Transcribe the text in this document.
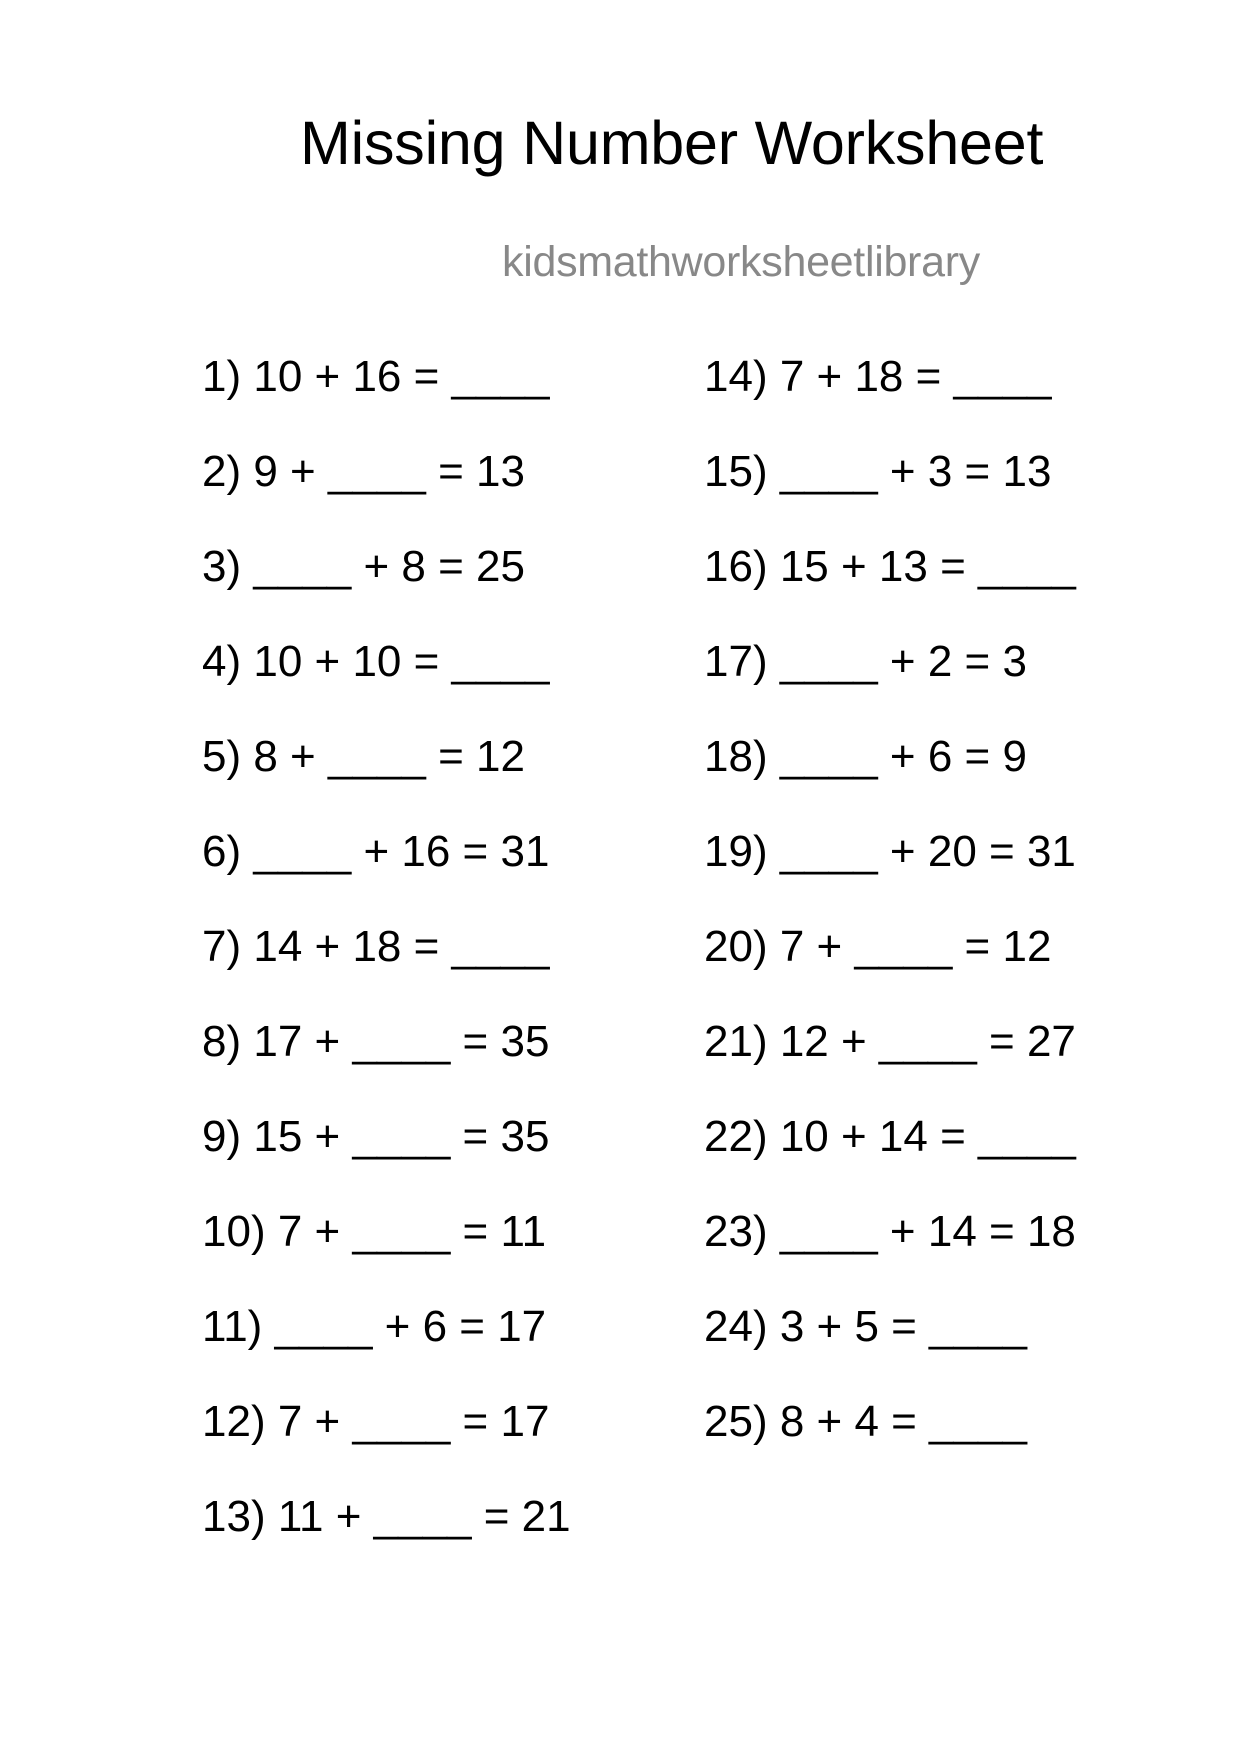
Missing Number Worksheet
kidsmathworksheetlibrary
1) 10 + 16 = ____
2) 9 + ____ = 13
3) ____ + 8 = 25
4) 10 + 10 = ____
5) 8 + ____ = 12
6) ____ + 16 = 31
7) 14 + 18 = ____
8) 17 + ____ = 35
9) 15 + ____ = 35
10) 7 + ____ = 11
11) ____ + 6 = 17
12) 7 + ____ = 17
13) 11 + ____ = 21
14) 7 + 18 = ____
15) ____ + 3 = 13
16) 15 + 13 = ____
17) ____ + 2 = 3
18) ____ + 6 = 9
19) ____ + 20 = 31
20) 7 + ____ = 12
21) 12 + ____ = 27
22) 10 + 14 = ____
23) ____ + 14 = 18
24) 3 + 5 = ____
25) 8 + 4 = ____
